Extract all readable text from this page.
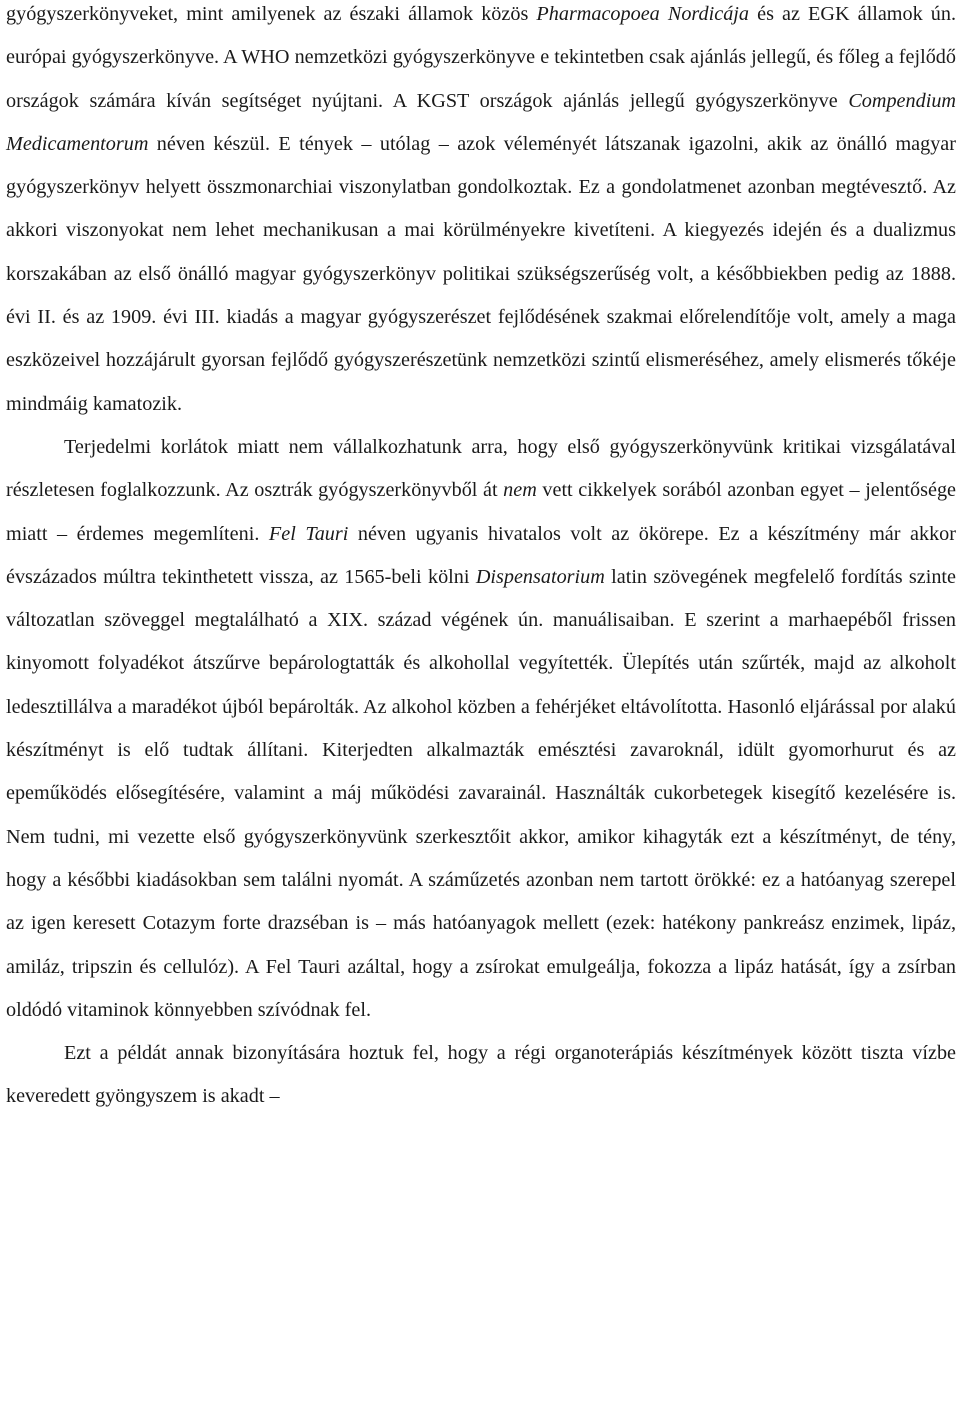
gyógyszerkönyveket, mint amilyenek az északi államok közös Pharmacopoea Nordicája és az EGK államok ún. európai gyógyszerkönyve. A WHO nemzetközi gyógyszerkönyve e tekintetben csak ajánlás jellegű, és főleg a fejlődő országok számára kíván segítséget nyújtani. A KGST országok ajánlás jellegű gyógyszerkönyve Compendium Medicamentorum néven készül. E tények – utólag – azok véleményét látszanak igazolni, akik az önálló magyar gyógyszerkönyv helyett összmonarchiai viszonylatban gondolkoztak. Ez a gondolatmenet azonban megtévesztő. Az akkori viszonyokat nem lehet mechanikusan a mai körülményekre kivetíteni. A kiegyezés idején és a dualizmus korszakában az első önálló magyar gyógyszerkönyv politikai szükségszerűség volt, a későbbiekben pedig az 1888. évi II. és az 1909. évi III. kiadás a magyar gyógyszerészet fejlődésének szakmai előrelendítője volt, amely a maga eszközeivel hozzájárult gyorsan fejlődő gyógyszerészetünk nemzetközi szintű elismeréséhez, amely elismerés tőkéje mindmáig kamatozik.

Terjedelmi korlátok miatt nem vállalkozhatunk arra, hogy első gyógyszerkönyvünk kritikai vizsgálatával részletesen foglalkozzunk. Az osztrák gyógyszerkönyvből át nem vett cikkelyek sorából azonban egyet – jelentősége miatt – érdemes megemlíteni. Fel Tauri néven ugyanis hivatalos volt az ökörepe. Ez a készítmény már akkor évszázados múltra tekinthetett vissza, az 1565-beli kölni Dispensatorium latin szövegének megfelelő fordítás szinte változatlan szöveggel megtalálható a XIX. század végének ún. manuálisaiban. E szerint a marhaepéből frissen kinyomott folyadékot átszűrve bepárologtatták és alkohollal vegyítették. Ülepítés után szűrték, majd az alkoholt ledesztillálva a maradékot újból bepárolták. Az alkohol közben a fehérjéket eltávolította. Hasonló eljárással por alakú készítményt is elő tudtak állítani. Kiterjedten alkalmazták emésztési zavaroknál, idült gyomorhurut és az epeműködés elősegítésére, valamint a máj működési zavarainál. Használták cukorbetegek kisegítő kezelésére is. Nem tudni, mi vezette első gyógyszerkönyvünk szerkesztőit akkor, amikor kihagyták ezt a készítményt, de tény, hogy a későbbi kiadásokban sem találni nyomát. A száműzetés azonban nem tartott örökké: ez a hatóanyag szerepel az igen keresett Cotazym forte drazséban is – más hatóanyagok mellett (ezek: hatékony pankreász enzimek, lipáz, amiláz, tripszin és cellulóz). A Fel Tauri azáltal, hogy a zsírokat emulgeálja, fokozza a lipáz hatását, így a zsírban oldódó vitaminok könnyebben szívódnak fel.

Ezt a példát annak bizonyítására hoztuk fel, hogy a régi organoterápiás készítmények között tiszta vízbe keveredett gyöngyszem is akadt –
